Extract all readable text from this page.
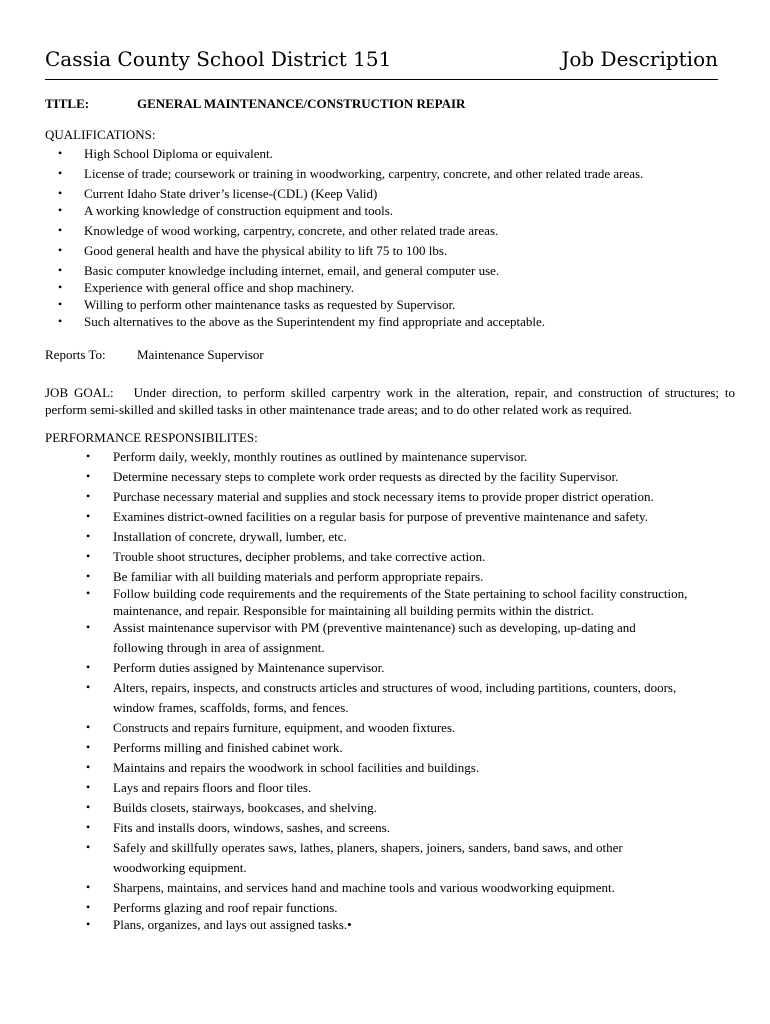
Cassia County School District 151	Job Description
TITLE:	GENERAL MAINTENANCE/CONSTRUCTION REPAIR
QUALIFICATIONS:
• High School Diploma or equivalent.
• License of trade; coursework or training in woodworking, carpentry, concrete, and other related trade areas.
• Current Idaho State driver’s license-(CDL) (Keep Valid)
• A working knowledge of construction equipment and tools.
• Knowledge of wood working, carpentry, concrete, and other related trade areas.
• Good general health and have the physical ability to lift 75 to 100 lbs.
• Basic computer knowledge including internet, email, and general computer use.
• Experience with general office and shop machinery.
• Willing to perform other maintenance tasks as requested by Supervisor.
• Such alternatives to the above as the Superintendent my find appropriate and acceptable.
Reports To: Maintenance Supervisor
JOB GOAL: Under direction, to perform skilled carpentry work in the alteration, repair, and construction of structures; to perform semi-skilled and skilled tasks in other maintenance trade areas; and to do other related work as required.
PERFORMANCE RESPONSIBILITES:
• Perform daily, weekly, monthly routines as outlined by maintenance supervisor.
• Determine necessary steps to complete work order requests as directed by the facility Supervisor.
• Purchase necessary material and supplies and stock necessary items to provide proper district operation.
• Examines district-owned facilities on a regular basis for purpose of preventive maintenance and safety.
• Installation of concrete, drywall, lumber, etc.
• Trouble shoot structures, decipher problems, and take corrective action.
• Be familiar with all building materials and perform appropriate repairs.
• Follow building code requirements and the requirements of the State pertaining to school facility construction,
maintenance, and repair. Responsible for maintaining all building permits within the district.
• Assist maintenance supervisor with PM (preventive maintenance) such as developing, up-dating and
following through in area of assignment.
• Perform duties assigned by Maintenance supervisor.
• Alters, repairs, inspects, and constructs articles and structures of wood, including partitions, counters, doors,
window frames, scaffolds, forms, and fences.
• Constructs and repairs furniture, equipment, and wooden fixtures.
• Performs milling and finished cabinet work.
• Maintains and repairs the woodwork in school facilities and buildings.
• Lays and repairs floors and floor tiles.
• Builds closets, stairways, bookcases, and shelving.
• Fits and installs doors, windows, sashes, and screens.
• Safely and skillfully operates saws, lathes, planers, shapers, joiners, sanders, band saws, and other
woodworking equipment.
• Sharpens, maintains, and services hand and machine tools and various woodworking equipment.
• Performs glazing and roof repair functions.
• Plans, organizes, and lays out assigned tasks.•
